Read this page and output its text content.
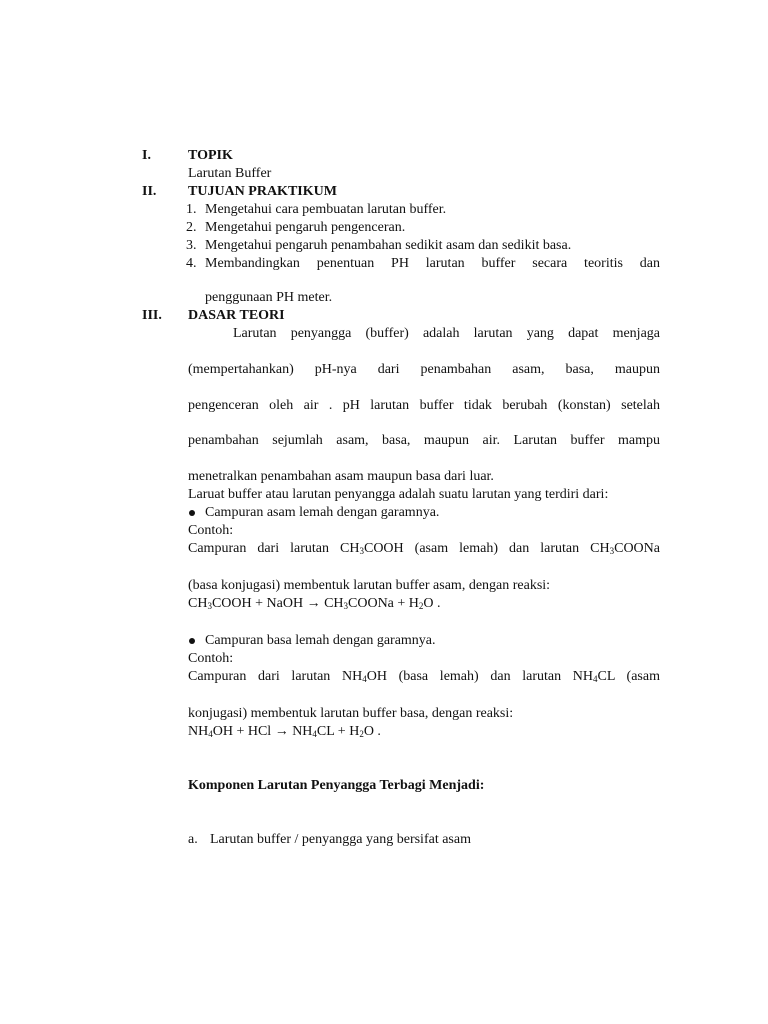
I.	TOPIK
Larutan Buffer
II. TUJUAN PRAKTIKUM
1. Mengetahui cara pembuatan larutan buffer.
2. Mengetahui pengaruh pengenceran.
3. Mengetahui pengaruh penambahan sedikit asam dan sedikit basa.
4. Membandingkan penentuan PH larutan buffer secara teoritis dan
penggunaan PH meter.
III. DASAR TEORI
Larutan penyangga (buffer) adalah larutan yang dapat menjaga
(mempertahankan) pH-nya dari penambahan asam, basa, maupun
pengenceran oleh air . pH larutan buffer tidak berubah (konstan) setelah
penambahan sejumlah asam, basa, maupun air. Larutan buffer mampu
menetralkan penambahan asam maupun basa dari luar.
Laruat buffer atau larutan penyangga adalah suatu larutan yang terdiri dari:
Campuran asam lemah dengan garamnya.
Contoh:
Campuran dari larutan $CH_3COOH$ (asam lemah) dan larutan $CH_3COONa$
(basa konjugasi) membentuk larutan buffer asam, dengan reaksi:
$CH_3COOH$ + NaOH → $CH_3COONa + H_2O$ .
Campuran basa lemah dengan garamnya.
Contoh:
Campuran dari larutan $NH_4OH$ (basa lemah) dan larutan $NH_4CL$ (asam
konjugasi) membentuk larutan buffer basa, dengan reaksi:
$NH_4OH$ + HCl → $NH_4CL + H_2O$ .
Komponen Larutan Penyangga Terbagi Menjadi:
a. Larutan buffer / penyangga yang bersifat asam
